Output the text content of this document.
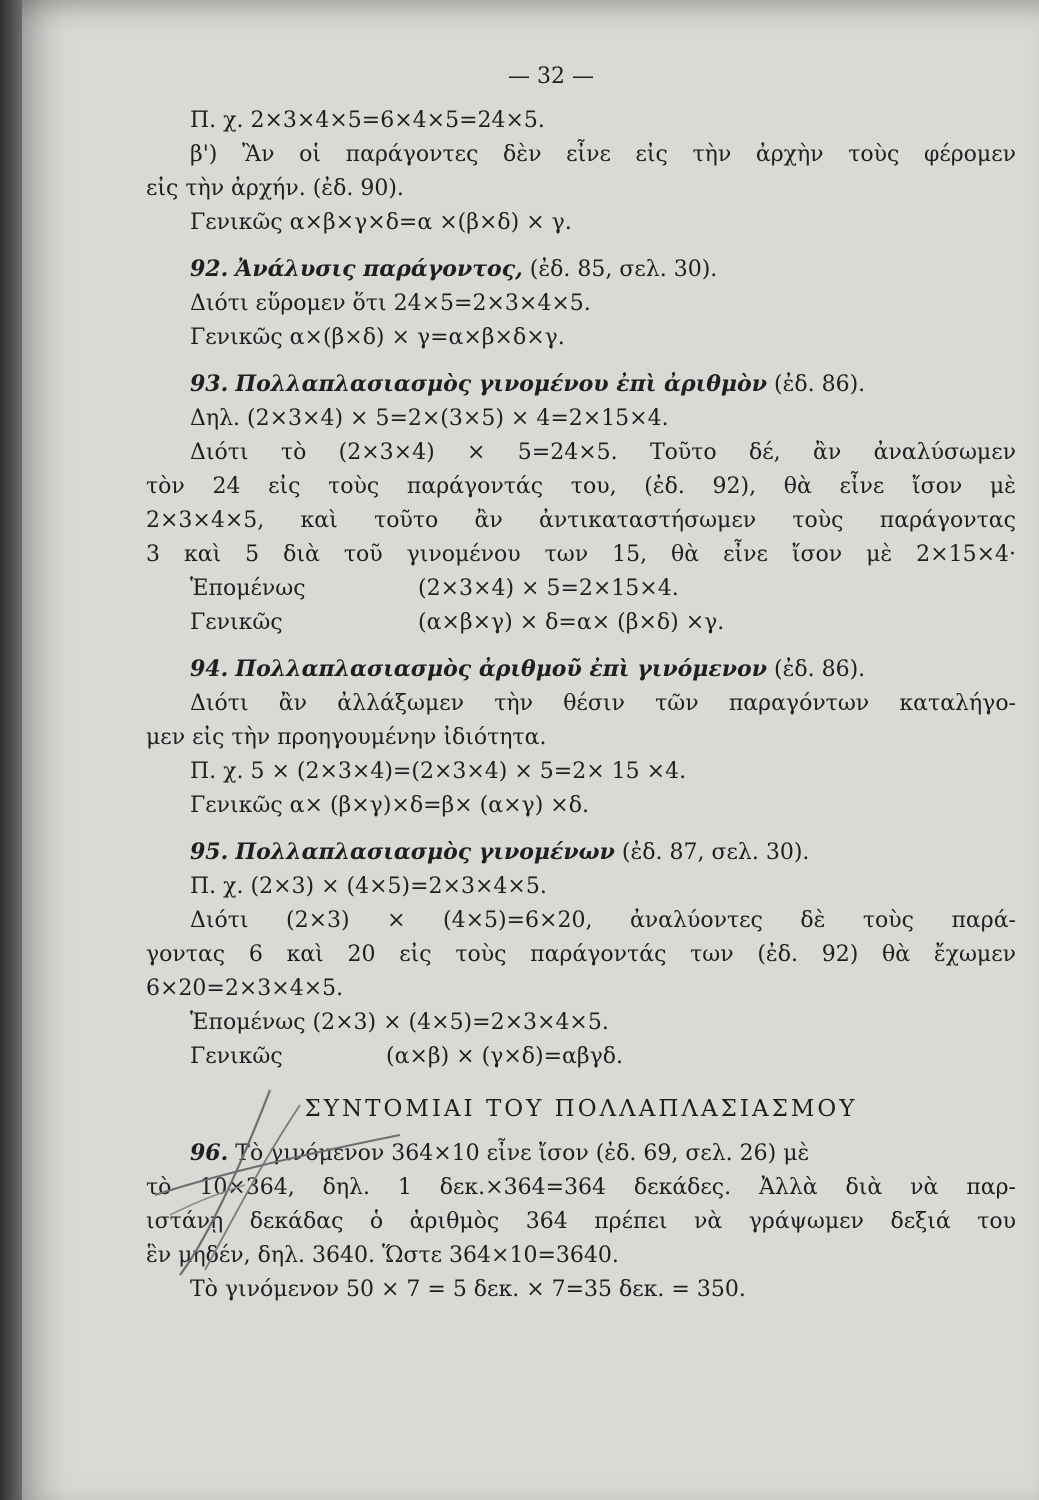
— 32 —
Π. χ. 2×3×4×5=6×4×5=24×5.
β') Ἂν οἱ παράγοντες δὲν εἶνε εἰς τὴν ἀρχὴν τοὺς φέρομεν
εἰς τὴν ἀρχήν. (ἐδ. 90).
Γενικῶς α×β×γ×δ=α ×(β×δ) × γ.
92. Ἀνάλυσις παράγοντος, (ἐδ. 85, σελ. 30).
Διότι εὕρομεν ὅτι 24×5=2×3×4×5.
Γενικῶς α×(β×δ) × γ=α×β×δ×γ.
93. Πολλαπλασιασμὸς γινομένου ἐπὶ ἀριθμὸν (ἐδ. 86).
Δηλ. (2×3×4) × 5=2×(3×5) × 4=2×15×4.
Διότι τὸ (2×3×4) × 5=24×5. Τοῦτο δέ, ἂν ἀναλύσωμεν
τὸν 24 εἰς τοὺς παράγοντάς του, (ἐδ. 92), θὰ εἶνε ἴσον μὲ
2×3×4×5, καὶ τοῦτο ἂν ἀντικαταστήσωμεν τοὺς παράγοντας
3 καὶ 5 διὰ τοῦ γινομένου των 15, θὰ εἶνε ἴσον μὲ 2×15×4·
Ἑπομένως	(2×3×4) × 5=2×15×4.
Γενικῶς	(α×β×γ) × δ=α× (β×δ) ×γ.
94. Πολλαπλασιασμὸς ἀριθμοῦ ἐπὶ γινόμενον (ἐδ. 86).
Διότι ἂν ἀλλάξωμεν τὴν θέσιν τῶν παραγόντων καταλήγο-
μεν εἰς τὴν προηγουμένην ἰδιότητα.
Π. χ. 5 × (2×3×4)=(2×3×4) × 5=2× 15 ×4.
Γενικῶς α× (β×γ)×δ=β× (α×γ) ×δ.
95. Πολλαπλασιασμὸς γινομένων (ἐδ. 87, σελ. 30).
Π. χ. (2×3) × (4×5)=2×3×4×5.
Διότι (2×3) × (4×5)=6×20, ἀναλύοντες δὲ τοὺς παρά-
γοντας 6 καὶ 20 εἰς τοὺς παράγοντάς των (ἐδ. 92) θὰ ἔχωμεν
6×20=2×3×4×5.
Ἑπομένως (2×3) × (4×5)=2×3×4×5.
Γενικῶς	(α×β) × (γ×δ)=αβγδ.
ΣΥΝΤΟΜΙΑΙ ΤΟΥ ΠΟΛΛΑΠΛΑΣΙΑΣΜΟΥ
96. Τὸ γινόμενον 364×10 εἶνε ἴσον (ἐδ. 69, σελ. 26) μὲ
τὸ 10×364, δηλ. 1 δεκ.×364=364 δεκάδες. Ἀλλὰ διὰ νὰ παρ-
ιστάνῃ δεκάδας ὁ ἀριθμὸς 364 πρέπει νὰ γράψωμεν δεξιά του
ἓν μηδέν, δηλ. 3640. Ὥστε 364×10=3640.
Τὸ γινόμενον 50 × 7 = 5 δεκ. × 7=35 δεκ. = 350.
